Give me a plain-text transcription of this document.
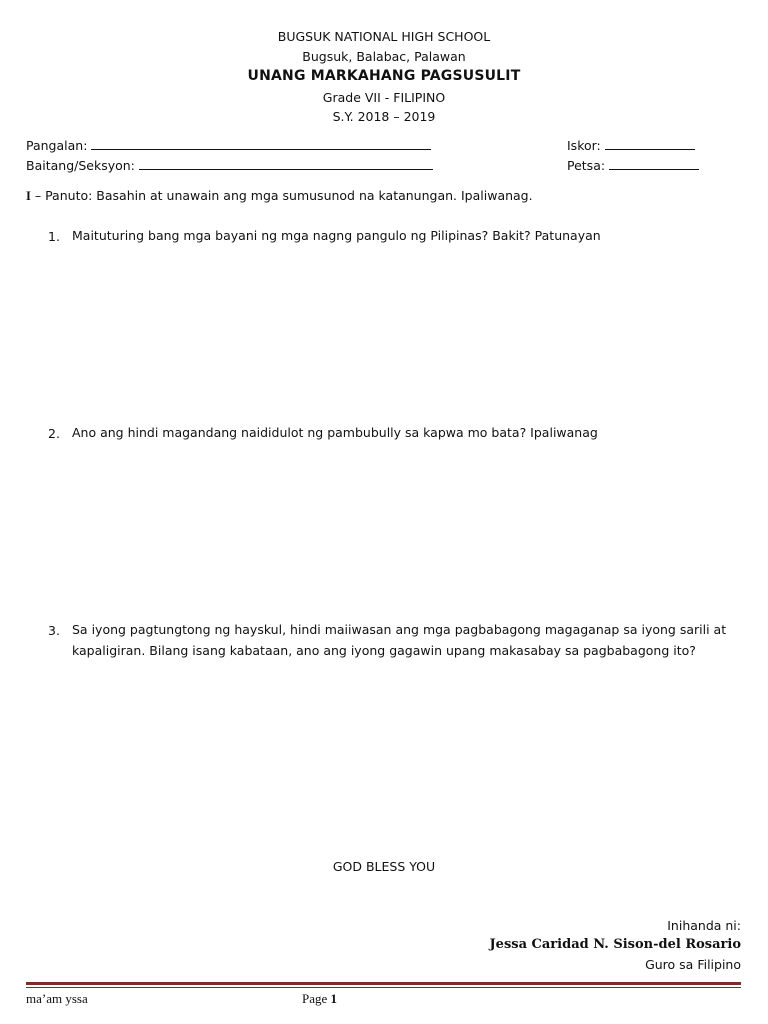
BUGSUK NATIONAL HIGH SCHOOL
Bugsuk, Balabac, Palawan
UNANG MARKAHANG PAGSUSULIT
Grade VII - FILIPINO
S.Y. 2018 – 2019
Pangalan:
Baitang/Seksyon:
Iskor:
Petsa:
I – Panuto: Basahin at unawain ang mga sumusunod na katanungan. Ipaliwanag.
1. Maituturing bang mga bayani ng mga nagng pangulo ng Pilipinas? Bakit? Patunayan
2. Ano ang hindi magandang naididulot ng pambubully sa kapwa mo bata? Ipaliwanag
3. Sa iyong pagtungtong ng hayskul, hindi maiiwasan ang mga pagbabagong magaganap sa iyong sarili at kapaligiran. Bilang isang kabataan, ano ang iyong gagawin upang makasabay sa pagbabagong ito?
GOD BLESS YOU
Inihanda ni:
Jessa Caridad N. Sison-del Rosario
Guro sa Filipino
ma’am yssa	Page 1
